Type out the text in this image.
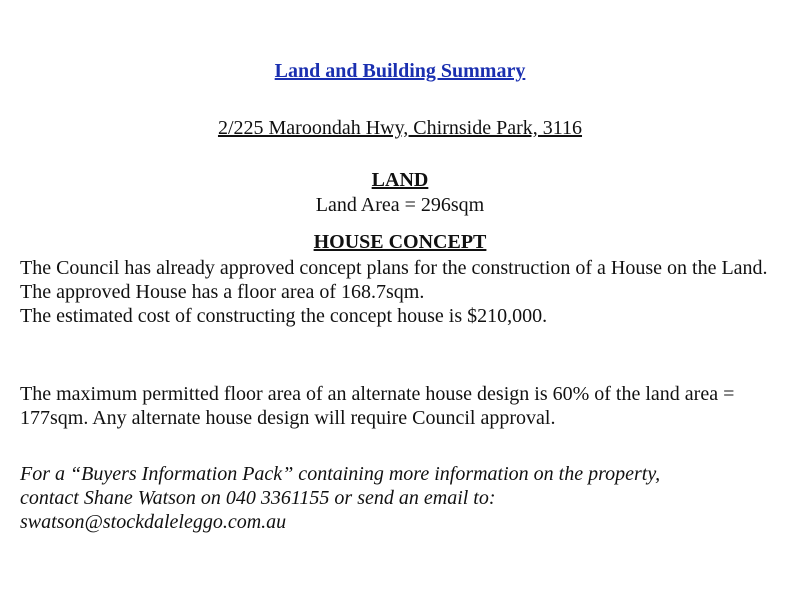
Land and Building Summary
2/225 Maroondah Hwy, Chirnside Park, 3116
LAND
Land Area = 296sqm
HOUSE CONCEPT

The Council has already approved concept plans for the construction of a House on the Land.

The approved House has a floor area of 168.7sqm.

The estimated cost of constructing the concept house is $210,000.

The maximum permitted floor area of an alternate house design is 60% of the land area = 177sqm. Any alternate house design will require Council approval.

For a “Buyers Information Pack” containing more information on the property,

contact Shane Watson on 040 3361155 or send an email to:

swatson@stockdaleleggo.com.au
